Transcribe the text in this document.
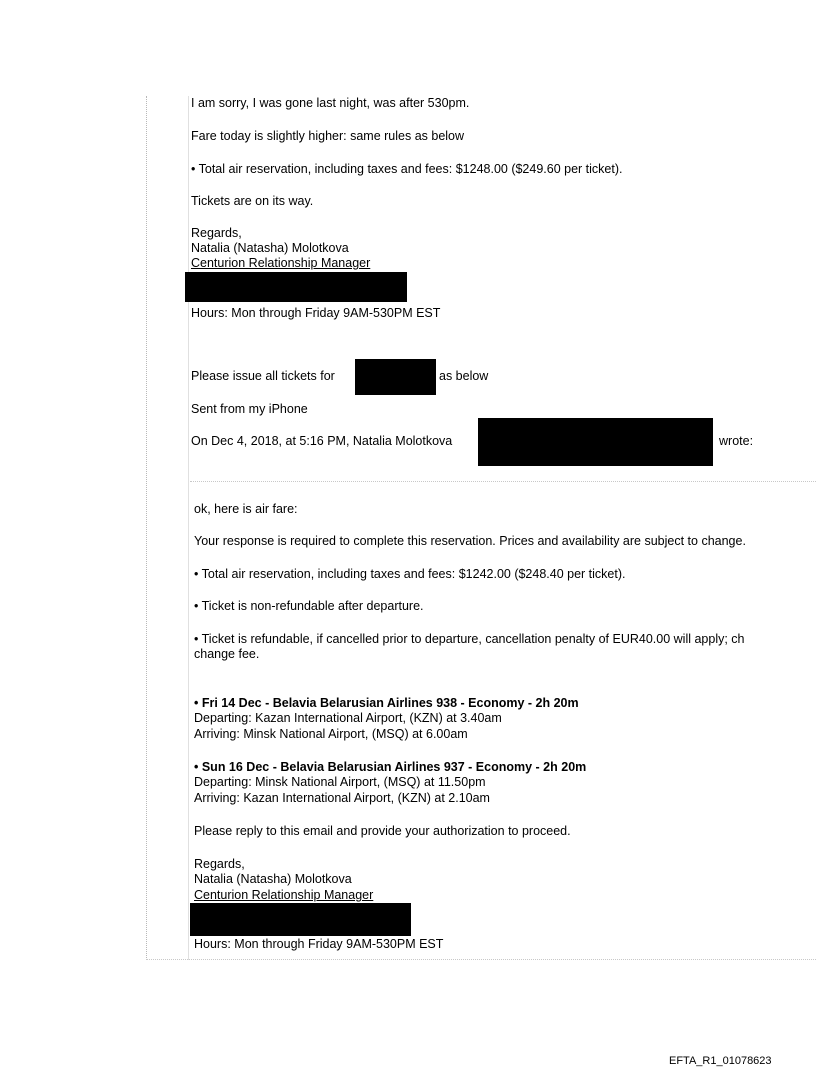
I am sorry, I was gone last night, was after 530pm.
Fare today is slightly higher: same rules as below
• Total air reservation, including taxes and fees: $1248.00 ($249.60 per ticket).
Tickets are on its way.
Regards,
Natalia (Natasha) Molotkova
Centurion Relationship Manager
Hours: Mon through Friday 9AM-530PM EST
Please issue all tickets for	as below
Sent from my iPhone
On Dec 4, 2018, at 5:16 PM, Natalia Molotkova	wrote:
ok, here is air fare:
Your response is required to complete this reservation. Prices and availability are subject to change.
• Total air reservation, including taxes and fees: $1242.00 ($248.40 per ticket).
• Ticket is non-refundable after departure.
• Ticket is refundable, if cancelled prior to departure, cancellation penalty of EUR40.00 will apply; ch
change fee.
• Fri 14 Dec - Belavia Belarusian Airlines 938 - Economy - 2h 20m
Departing: Kazan International Airport, (KZN) at 3.40am
Arriving: Minsk National Airport, (MSQ) at 6.00am
• Sun 16 Dec - Belavia Belarusian Airlines 937 - Economy - 2h 20m
Departing: Minsk National Airport, (MSQ) at 11.50pm
Arriving: Kazan International Airport, (KZN) at 2.10am
Please reply to this email and provide your authorization to proceed.
Regards,
Natalia (Natasha) Molotkova
Centurion Relationship Manager
Hours: Mon through Friday 9AM-530PM EST
EFTA_R1_01078623
